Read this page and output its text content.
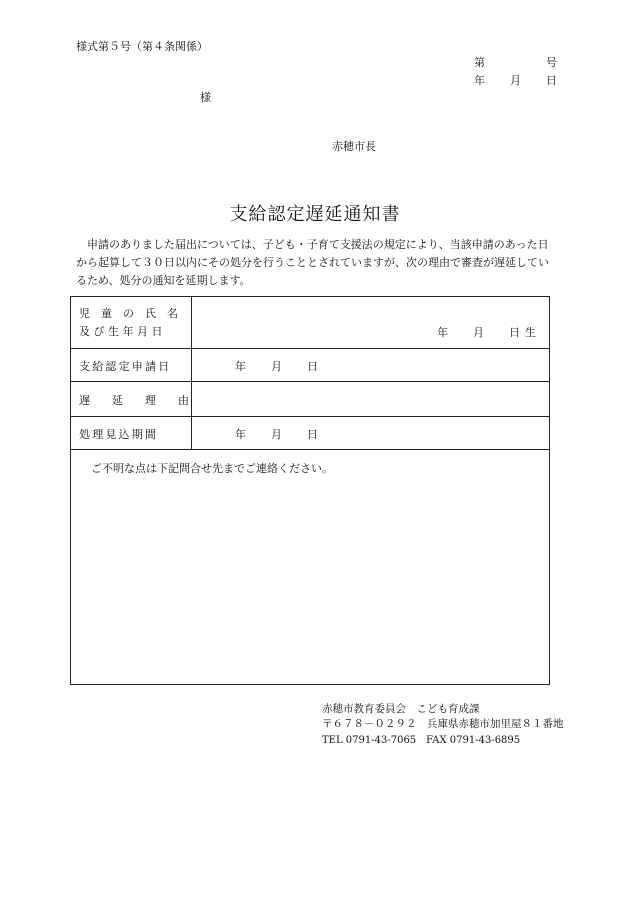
様式第５号（第４条関係）
第	号
年 月 日
様
赤穂市長
支給認定遅延通知書
　申請のありました届出については、子ども・子育て支援法の規定により、当該申請のあった日から起算して３０日以内にその処分を行うこととされていますが、次の理由で審査が遅延しているため、処分の通知を延期します。
児　童　の　氏　名
及 び 生 年 月 日	年 月 日 生
支給認定申請日	年 月 日
遅　　延　　理　　由
処理見込期間	年 月 日
ご不明な点は下記問合せ先までご連絡ください。
赤穂市教育委員会　こども育成課
〒６７８－０２９２　兵庫県赤穂市加里屋８１番地
TEL 0791-43-7065　FAX 0791-43-6895
